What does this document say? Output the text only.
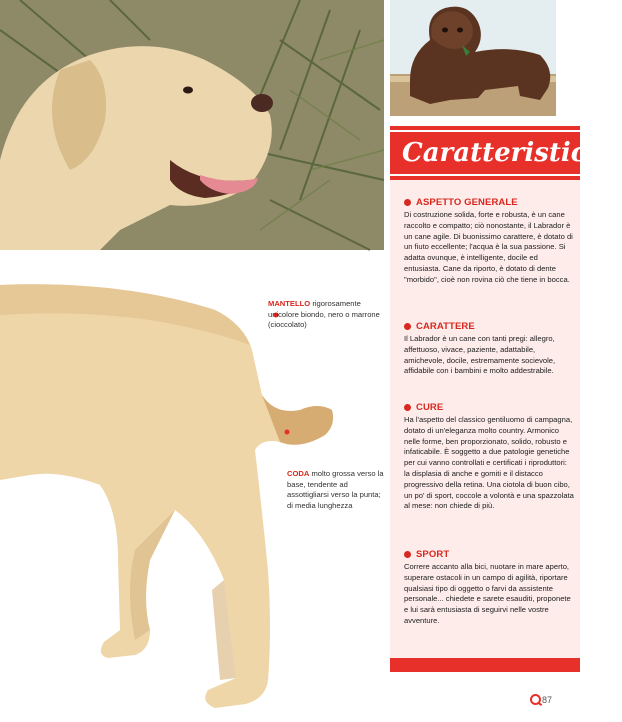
MANTELLO rigorosamente unicolore biondo, nero o marrone (cioccolato)
CODA molto grossa verso la base, tendente ad assottigliarsi verso la punta; di media lunghezza
Caratteristiche
ASPETTO GENERALE
Di costruzione solida, forte e robusta, è un cane raccolto e compatto; ciò nonostante, il Labrador è un cane agile. Di buonissimo carattere, è dotato di un fiuto eccellente; l'acqua è la sua passione. Si adatta ovunque, è intelligente, docile ed entusiasta. Cane da riporto, è dotato di dente "morbido", cioè non rovina ciò che tiene in bocca.
CARATTERE
Il Labrador è un cane con tanti pregi: allegro, affettuoso, vivace, paziente, adattabile, amichevole, docile, estremamente socievole, affidabile con i bambini e molto addestrabile.
CURE
Ha l'aspetto del classico gentiluomo di campagna, dotato di un'eleganza molto country. Armonico nelle forme, ben proporzionato, solido, robusto e infaticabile. È soggetto a due patologie genetiche per cui vanno controllati e certificati i riproduttori: la displasia di anche e gomiti e il distacco progressivo della retina. Una ciotola di buon cibo, un po' di sport, coccole a volontà e una spazzolata al mese: non chiede di più.
SPORT
Correre accanto alla bici, nuotare in mare aperto, superare ostacoli in un campo di agilità, riportare qualsiasi tipo di oggetto o farvi da assistente personale... chiedete e sarete esauditi, proponete e lui sarà entusiasta di seguirvi nelle vostre avventure.
87
